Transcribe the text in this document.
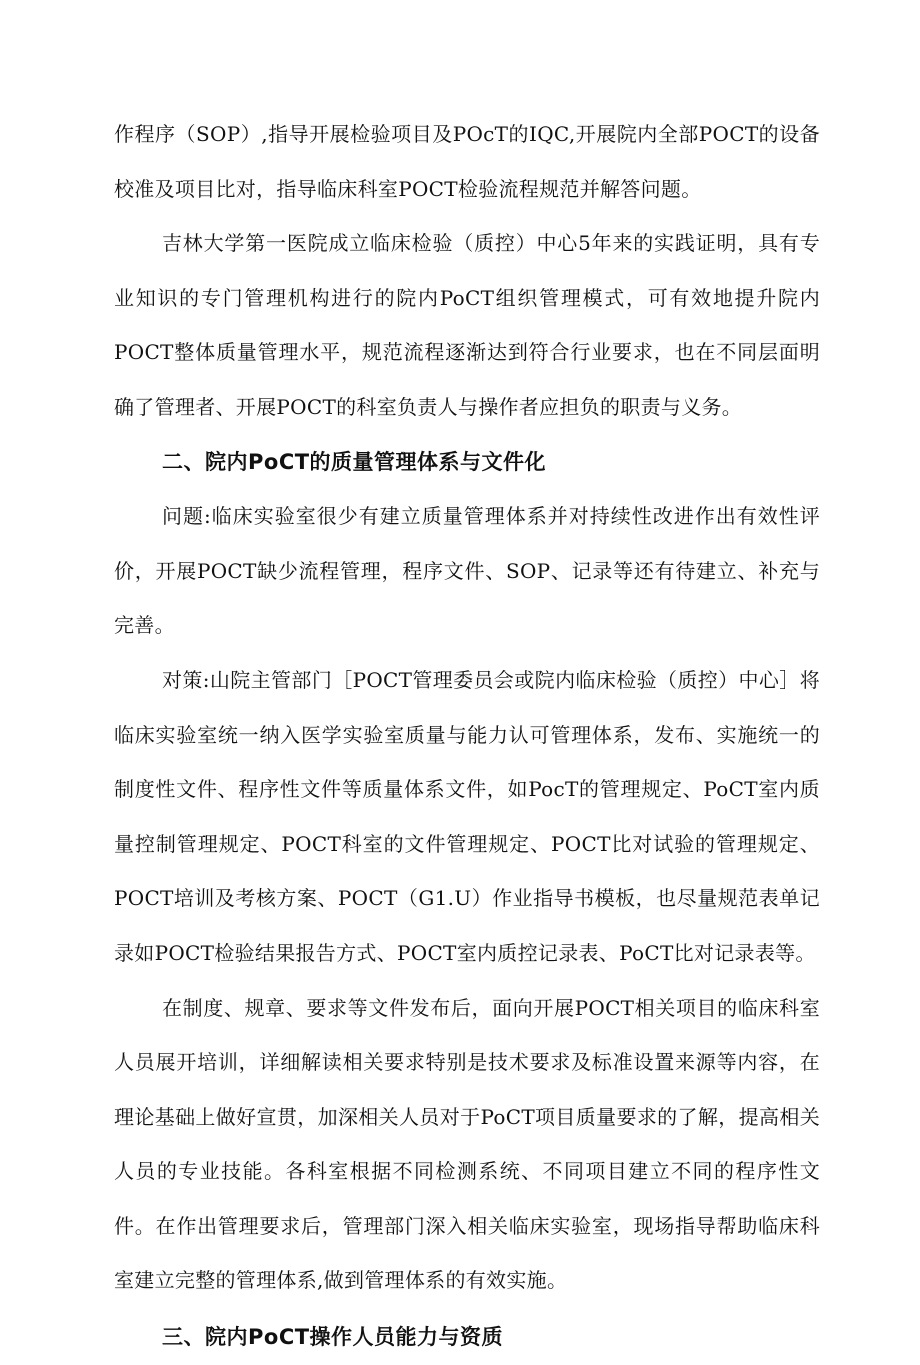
作程序（SOP）,指导开展检验项目及POcT的IQC,开展院内全部POCT的设备校准及项目比对，指导临床科室POCT检验流程规范并解答问题。

吉林大学第一医院成立临床检验（质控）中心5年来的实践证明，具有专业知识的专门管理机构进行的院内PoCT组织管理模式，可有效地提升院内POCT整体质量管理水平，规范流程逐渐达到符合行业要求，也在不同层面明确了管理者、开展POCT的科室负责人与操作者应担负的职责与义务。

二、院内PoCT的质量管理体系与文件化

问题:临床实验室很少有建立质量管理体系并对持续性改进作出有效性评价，开展POCT缺少流程管理，程序文件、SOP、记录等还有待建立、补充与完善。

对策:山院主管部门［POCT管理委员会或院内临床检验（质控）中心］将临床实验室统一纳入医学实验室质量与能力认可管理体系，发布、实施统一的制度性文件、程序性文件等质量体系文件，如PocT的管理规定、PoCT室内质量控制管理规定、POCT科室的文件管理规定、POCT比对试验的管理规定、POCT培训及考核方案、POCT（G1.U）作业指导书模板，也尽量规范表单记录如POCT检验结果报告方式、POCT室内质控记录表、PoCT比对记录表等。

在制度、规章、要求等文件发布后，面向开展POCT相关项目的临床科室人员展开培训，详细解读相关要求特别是技术要求及标准设置来源等内容，在理论基础上做好宣贯，加深相关人员对于PoCT项目质量要求的了解，提高相关人员的专业技能。各科室根据不同检测系统、不同项目建立不同的程序性文件。在作出管理要求后，管理部门深入相关临床实验室，现场指导帮助临床科室建立完整的管理体系,做到管理体系的有效实施。

三、院内PoCT操作人员能力与资质
